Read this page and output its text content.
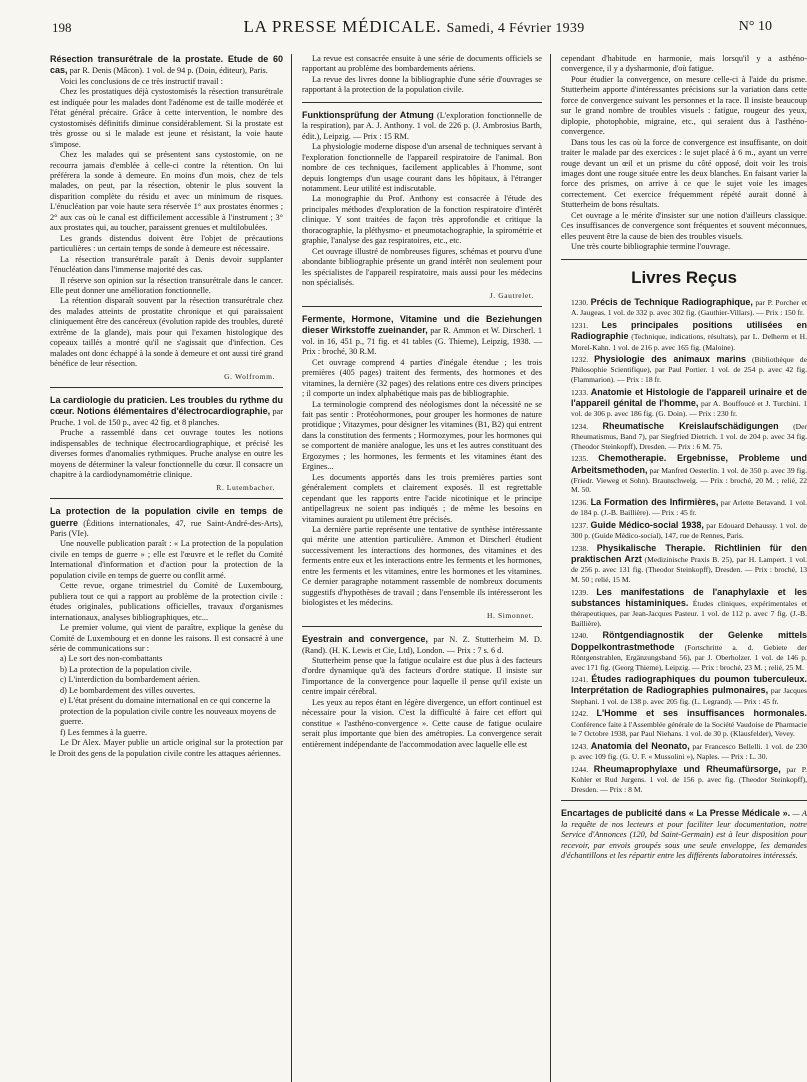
198	LA PRESSE MÉDICALE. Samedi, 4 Février 1939	N° 10

Résection transurétrale de la prostate. Etude de 60 cas, par R. Denis (Mâcon). 1 vol. de 94 p. (Doin, éditeur), Paris.

Voici les conclusions de ce très instructif travail :

Chez les prostatiques déjà cystostomisés la résection transurétrale est indiquée pour les malades dont l'adénome est de taille modérée et l'état général précaire. Grâce à cette intervention, le nombre des cystostomisés définitifs diminue considérablement. Si la prostate est très grosse ou si le malade est jeune et résistant, la voie haute s'impose.

Chez les malades qui se présentent sans cystostomie, on ne recourra jamais d'emblée à celle-ci contre la rétention. On lui préférera la sonde à demeure. En moins d'un mois, chez de tels malades, on peut, par la résection, obtenir le plus souvent la disparition complète du résidu et avec un minimum de risques. L'énucléation par voie haute sera réservée 1° aux prostates énormes ; 2° aux cas où le canal est difficilement accessible à l'instrument ; 3° aux prostates qui, au toucher, paraissent grenues et multilobulées.

Les grands distendus doivent être l'objet de précautions particulières : un certain temps de sonde à demeure est nécessaire.

La résection transurétrale paraît à Denis devoir supplanter l'énucléation dans l'immense majorité des cas.

Il réserve son opinion sur la résection transurétrale dans le cancer. Elle peut donner une amélioration fonctionnelle.

La rétention disparaît souvent par la résection transurétrale chez des malades atteints de prostatite chronique et qui paraissaient cliniquement être des cancéreux (évolution rapide des troubles, dureté extrême de la glande), mais pour qui l'examen histologique des copeaux taillés a montré qu'il ne s'agissait que d'infection. Ces malades ont donc échappé à la sonde à demeure et ont aussi tiré grand bénéfice de leur résection.

G. Wolfromm.

La cardiologie du praticien. Les troubles du rythme du cœur. Notions élémentaires d'électrocardiographie, par Pruche. 1 vol. de 150 p., avec 42 fig. et 8 planches.

Pruche a rassemblé dans cet ouvrage toutes les notions indispensables de technique électrocardiographique, et précisé les diverses formes d'anomalies rythmiques. Pruche analyse en outre les moyens de déterminer la valeur fonctionnelle du cœur. Il consacre un chapitre à la cardiodynamométrie clinique.

R. Lutembacher.

La protection de la population civile en temps de guerre (Éditions internationales, 47, rue Saint-André-des-Arts), Paris (VIe).

Une nouvelle publication paraît : « La protection de la population civile en temps de guerre » ; elle est l'œuvre et le reflet du Comité International d'information et d'action pour la protection de la population civile en temps de guerre ou conflit armé.

Cette revue, organe trimestriel du Comité de Luxembourg, publiera tout ce qui a rapport au problème de la protection civile : études originales, publications officielles, travaux d'organismes internationaux, analyses bibliographiques, etc...

Le premier volume, qui vient de paraître, explique la genèse du Comité de Luxembourg et en donne les raisons. Il est consacré à une série de communications sur :

a) Le sort des non-combattants
b) La protection de la population civile.
c) L'interdiction du bombardement aérien.
d) Le bombardement des villes ouvertes.
e) L'état présent du domaine international en ce qui concerne la protection de la population civile contre les nouveaux moyens de guerre.
f) Les femmes à la guerre.

Le Dr Alex. Mayer publie un article original sur la protection par le Droit des gens de la population civile contre les attaques aériennes.

La revue est consacrée ensuite à une série de documents officiels se rapportant au problème des bombardements aériens.

La revue des livres donne la bibliographie d'une série d'ouvrages se rapportant à la protection de la population civile.

Funktionsprüfung der Atmung (L'exploration fonctionnelle de la respiration), par A. J. Anthony. 1 vol. de 226 p. (J. Ambrosius Barth, édit.), Leipzig. — Prix : 15 RM.

La physiologie moderne dispose d'un arsenal de techniques servant à l'exploration fonctionnelle de l'appareil respiratoire de l'animal. Bon nombre de ces techniques, facilement applicables à l'homme, sont depuis longtemps d'un usage courant dans les hôpitaux, à l'étranger notamment. Leur utilité est indiscutable.

La monographie du Prof. Anthony est consacrée à l'étude des principales méthodes d'exploration de la fonction respiratoire d'intérêt clinique. Y sont traitées de façon très approfondie et critique la thoracographie, la pléthysmo- et pneumotachographie, la spirométrie et graphie, l'analyse des gaz respiratoires, etc., etc.

Cet ouvrage illustré de nombreuses figures, schémas et pourvu d'une abondante bibliographie présente un grand intérêt non seulement pour les spécialistes de l'appareil respiratoire, mais aussi pour les médecins non spécialisés.

J. Gautrelet.

Fermente, Hormone, Vitamine und die Beziehungen dieser Wirkstoffe zueinander, par R. Ammon et W. Dirscherl. 1 vol. in 16, 451 p., 71 fig. et 41 tables (G. Thieme), Leipzig, 1938. — Prix : broché, 30 R.M.

Cet ouvrage comprend 4 parties d'inégale étendue ; les trois premières (405 pages) traitent des ferments, des hormones et des vitamines, la dernière (32 pages) des relations entre ces divers principes ; il comporte un index alphabétique mais pas de bibliographie.

La terminologie comprend des néologismes dont la nécessité ne se fait pas sentir : Protéohormones, pour grouper les hormones de nature protidique ; Vitazymes, pour désigner les vitamines (B1, B2) qui entrent dans la constitution des ferments ; Hormozymes, pour les hormones qui se comportent de manière analogue, les uns et les autres constituant des Ergozymes ; les hormones, les ferments et les vitamines étant des Ergines...

Les documents apportés dans les trois premières parties sont généralement complets et clairement exposés. Il est regrettable cependant que les rapports entre l'acide nicotinique et le principe antipellagreux ne soient pas indiqués ; de même les besoins en vitamines auraient pu utilement être précisés.

La dernière partie représente une tentative de synthèse intéressante qui mérite une attention particulière. Ammon et Dirscherl étudient successivement les interactions des hormones, des vitamines et des ferments entre eux et les interactions entre les ferments et les hormones, entre les ferments et les vitamines, entre les hormones et les vitamines. Ce dernier paragraphe notamment rassemble de nombreux documents suggestifs d'hypothèses de travail ; dans l'ensemble ils intéresseront les biologistes et les médecins.

H. Simonnet.

Eyestrain and convergence, par N. Z. Stutterheim M. D. (Rand). (H. K. Lewis et Cie, Ltd), London. — Prix : 7 s. 6 d.

Stutterheim pense que la fatigue oculaire est due plus à des facteurs d'ordre dynamique qu'à des facteurs d'ordre statique. Il insiste sur l'importance de la convergence pour laquelle il pense qu'il existe un centre impair cérébral.

Les yeux au repos étant en légère divergence, un effort continuel est nécessaire pour la vision. C'est la difficulté à faire cet effort qui constitue « l'asthéno-convergence ». Cette cause de fatigue oculaire serait plus importante que bien des amétropies. La convergence serait entièrement indépendante de l'accommodation avec laquelle elle est

cependant d'habitude en harmonie, mais lorsqu'il y a asthéno-convergence, il y a dysharmonie, d'où fatigue.

Pour étudier la convergence, on mesure celle-ci à l'aide du prisme. Stutterheim apporte d'intéressantes précisions sur la variation dans cette force de convergence suivant les personnes et la race. Il insiste beaucoup sur le grand nombre de troubles visuels : fatigue, rougeur des yeux, diplopie, photophobie, migraine, etc., qui seraient dus à l'asthéno-convergence.

Dans tous les cas où la force de convergence est insuffisante, on doit traiter le malade par des exercices : le sujet placé à 6 m., ayant un verre rouge devant un œil et un prisme du côté opposé, doit voir les trois images dont une rouge située entre les deux blanches. En faisant varier la force des prismes, on arrive à ce que le sujet voie les images correctement. Cet exercice fréquemment répété aurait donné à Stutterheim de bons résultats.

Cet ouvrage a le mérite d'insister sur une notion d'ailleurs classique. Ces insuffisances de convergence sont fréquentes et souvent méconnues, elles peuvent être la cause de bien des troubles visuels.

Une très courte bibliographie termine l'ouvrage.

Livres Reçus

1230. Précis de Technique Radiographique, par P. Porcher et A. Jaugeas. 1 vol. de 332 p. avec 302 fig. (Gauthier-Villars). — Prix : 150 fr.

1231. Les principales positions utilisées en Radiographie (Technique, indications, résultats), par L. Delherm et H. Morel-Kahn. 1 vol. de 216 p. avec 165 fig. (Maloine).

1232. Physiologie des animaux marins (Bibliothèque de Philosophie Scientifique), par Paul Portier. 1 vol. de 254 p. avec 42 fig. (Flammarion). — Prix : 18 fr.

1233. Anatomie et Histologie de l'appareil urinaire et de l'appareil génital de l'homme, par A. Bouffoucé et J. Turchini. 1 vol. de 306 p. avec 186 fig. (G. Doin). — Prix : 230 fr.

1234. Rheumatische Kreislaufschädigungen (Der Rheumatismus, Band 7), par Siegfried Dietrich. 1 vol. de 204 p. avec 34 fig. (Theodor Steinkopff), Dresden. — Prix : 6 M. 75.

1235. Chemotherapie. Ergebnisse, Probleme und Arbeitsmethoden, par Manfred Oesterlin. 1 vol. de 350 p. avec 39 fig. (Friedr. Vieweg et Sohn). Braunschweig. — Prix : broché, 20 M. ; relié, 22 M. 50.

1236. La Formation des Infirmières, par Arlette Betavand. 1 vol. de 184 p. (J.-B. Baillière). — Prix : 45 fr.

1237. Guide Médico-social 1938, par Edouard Dehaussy. 1 vol. de 300 p. (Guide Médico-social), 147, rue de Rennes, Paris.

1238. Physikalische Therapie. Richtlinien für den praktischen Arzt (Medizinische Praxis B. 25), par H. Lampert. 1 vol. de 256 p. avec 131 fig. (Theodor Steinkopff), Dresden. — Prix : broché, 13 M. 50 ; relié, 15 M.

1239. Les manifestations de l'anaphylaxie et les substances histaminiques. Études cliniques, expérimentales et thérapeutiques, par Jean-Jacques Pasteur. 1 vol. de 112 p. avec 7 fig. (J.-B. Baillière).

1240. Röntgendiagnostik der Gelenke mittels Doppelkontrastmethode (Fortschritte a. d. Gebiete der Röntgenstrahlen, Ergänzungsband 56), par J. Oberholzer. 1 vol. de 146 p. avec 171 fig. (Georg Thieme), Leipzig. — Prix : broché, 23 M. ; relié, 25 M.

1241. Études radiographiques du poumon tuberculeux. Interprétation de Radiographies pulmonaires, par Jacques Stephani. 1 vol. de 138 p. avec 205 fig. (L. Legrand). — Prix : 45 fr.

1242. L'Homme et ses insuffisances hormonales. Conférence faite à l'Assemblée générale de la Société Vaudoise de Pharmacie le 7 Octobre 1938, par Paul Niehans. 1 vol. de 30 p. (Klausfelder), Vevey.

1243. Anatomia del Neonato, par Francesco Bellelli. 1 vol. de 230 p. avec 109 fig. (G. U. F. « Mussolini »), Naples. — Prix : L. 30.

1244. Rheumaprophylaxe und Rheumafürsorge, par P. Kohler et Rud Jurgens. 1 vol. de 156 p. avec fig. (Theodor Steinkopff), Dresden. — Prix : 8 M.

Encartages de publicité dans « La Presse Médicale ». — A la requête de nos lecteurs et pour faciliter leur documentation, notre Service d'Annonces (120, bd Saint-Germain) est à leur disposition pour recevoir, par envois groupés sous une seule enveloppe, les demandes d'échantillons et les répartir entre les différents laboratoires intéressés.
